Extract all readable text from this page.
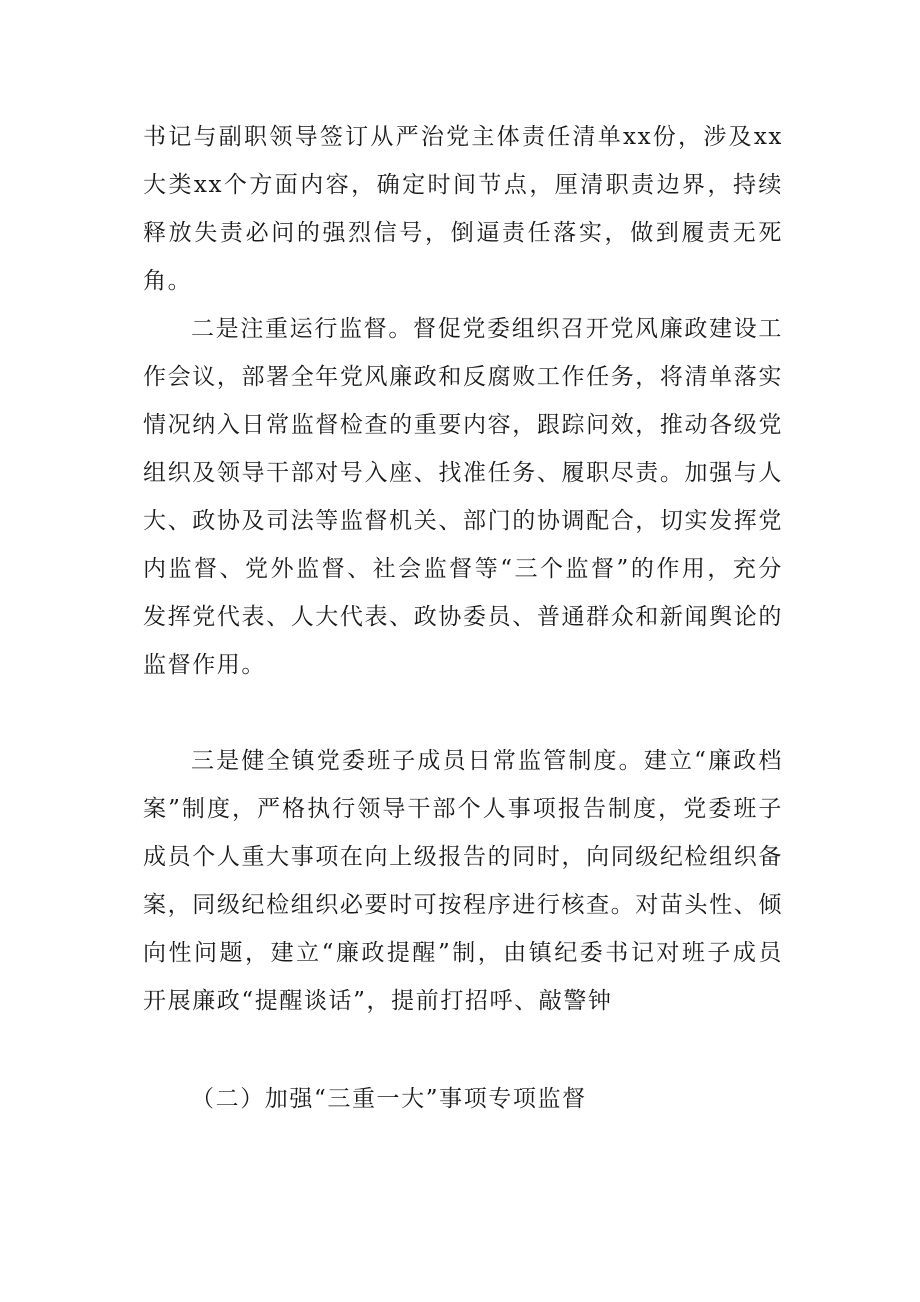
书记与副职领导签订从严治党主体责任清单xx份，涉及xx大类xx个方面内容，确定时间节点，厘清职责边界，持续释放失责必问的强烈信号，倒逼责任落实，做到履责无死角。

二是注重运行监督。督促党委组织召开党风廉政建设工作会议，部署全年党风廉政和反腐败工作任务，将清单落实情况纳入日常监督检查的重要内容，跟踪问效，推动各级党组织及领导干部对号入座、找准任务、履职尽责。加强与人大、政协及司法等监督机关、部门的协调配合，切实发挥党内监督、党外监督、社会监督等“三个监督”的作用，充分发挥党代表、人大代表、政协委员、普通群众和新闻舆论的监督作用。

三是健全镇党委班子成员日常监管制度。建立“廉政档案”制度，严格执行领导干部个人事项报告制度，党委班子成员个人重大事项在向上级报告的同时，向同级纪检组织备案，同级纪检组织必要时可按程序进行核查。对苗头性、倾向性问题，建立“廉政提醒”制，由镇纪委书记对班子成员开展廉政“提醒谈话”，提前打招呼、敲警钟

（二）加强“三重一大”事项专项监督
